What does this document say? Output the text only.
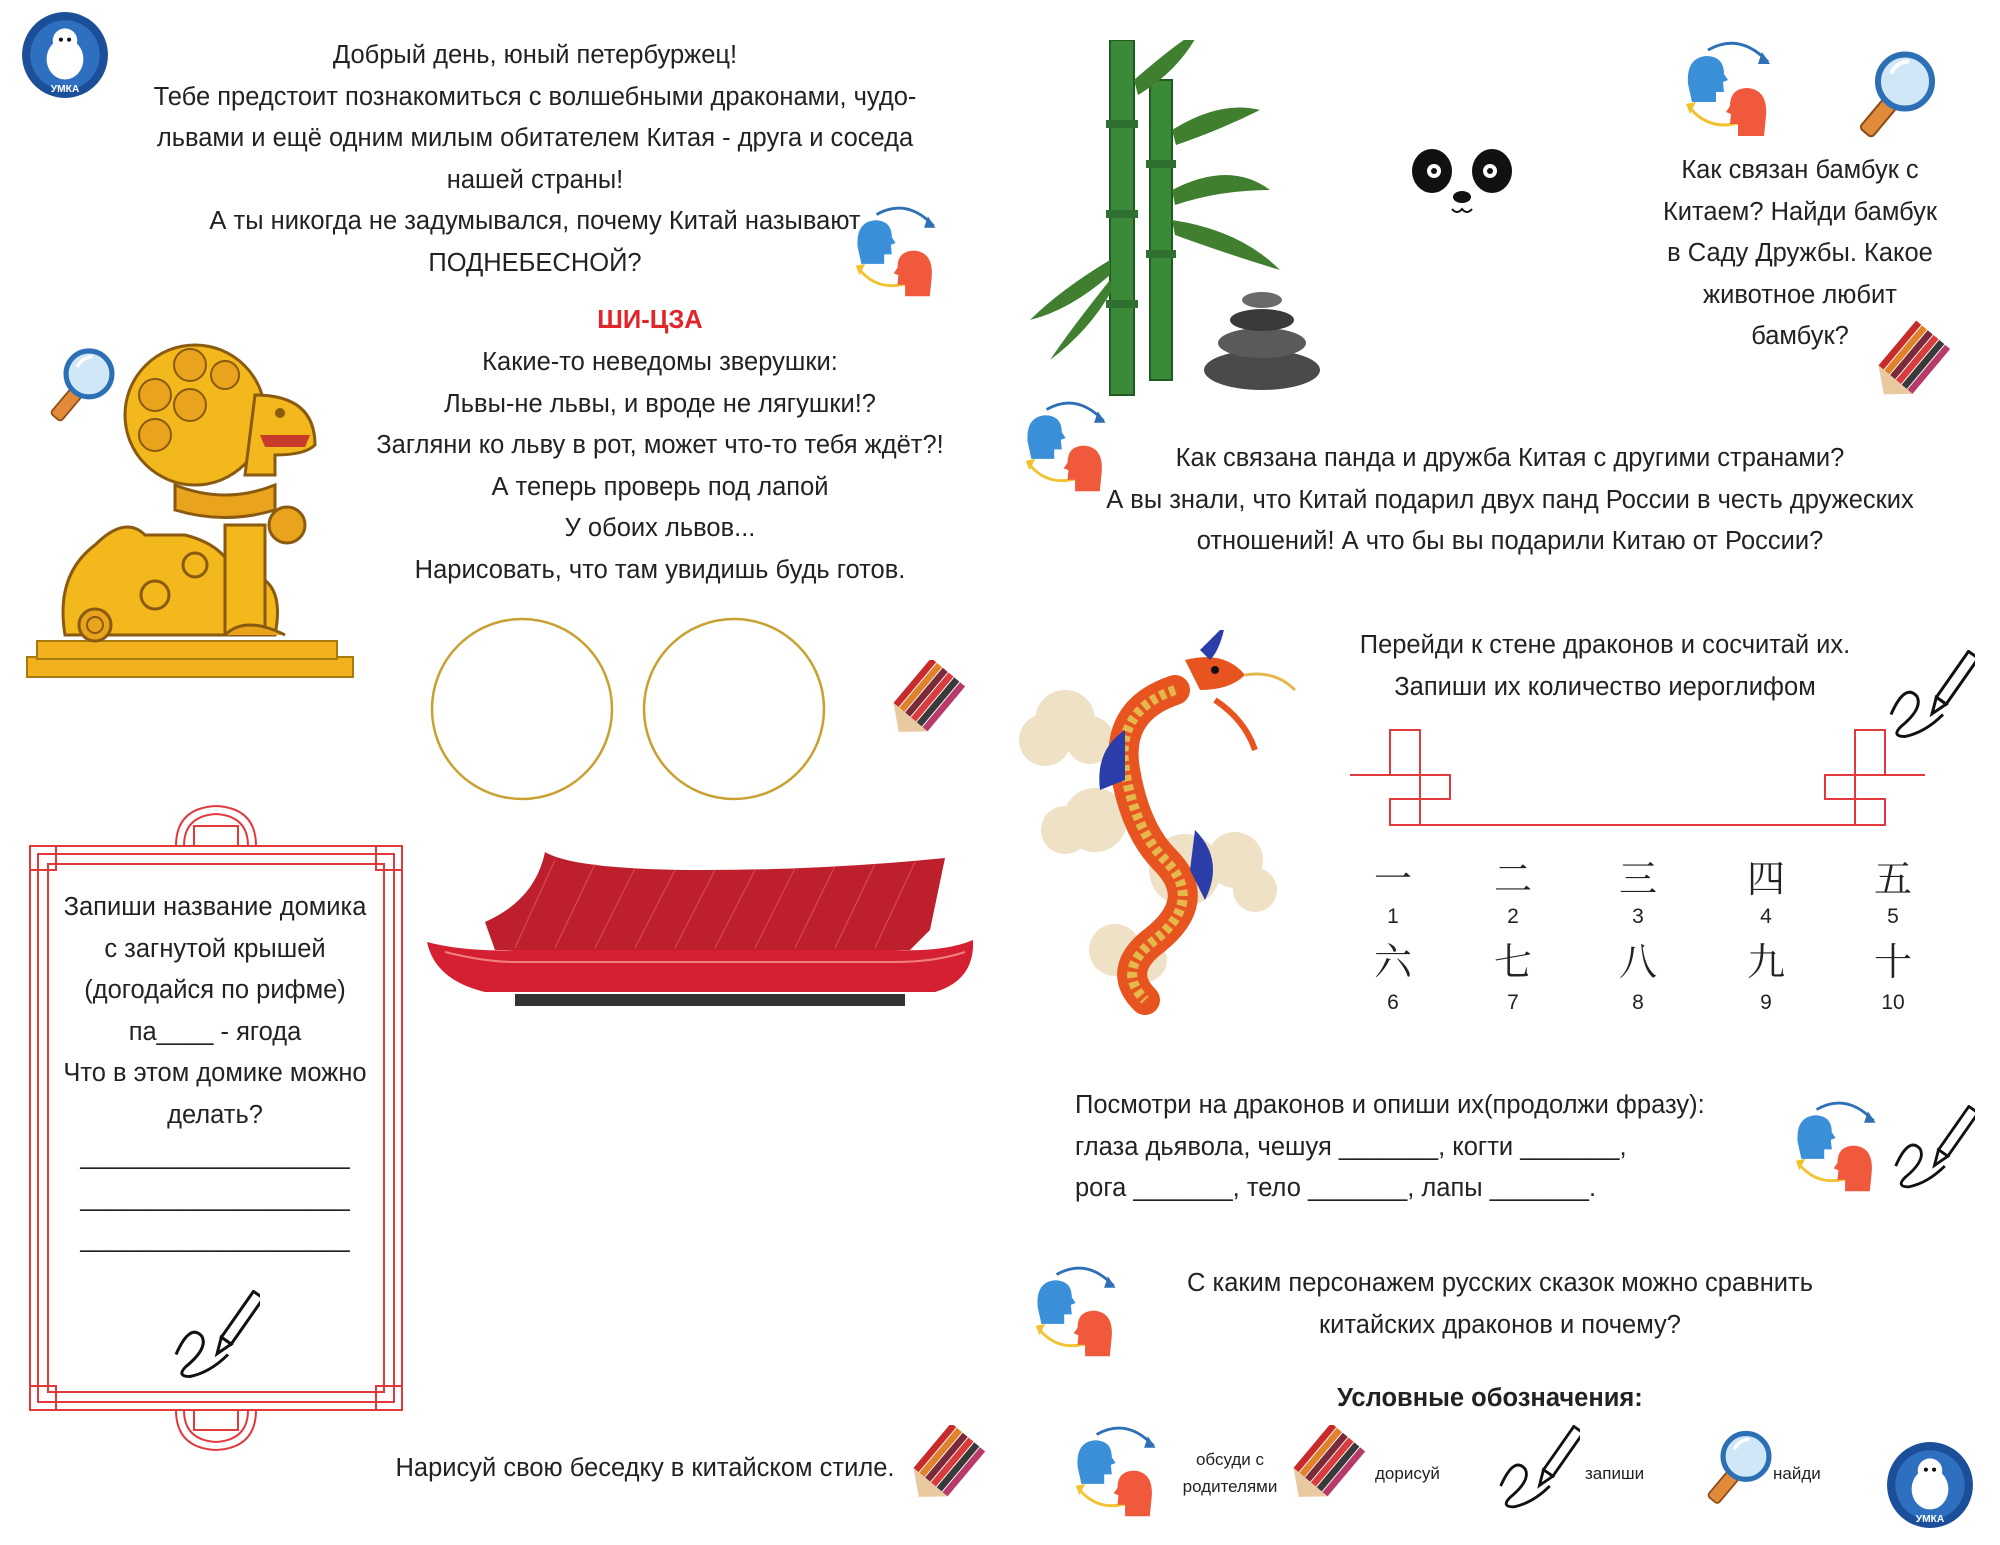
УМКА
УМКА

Добрый день, юный петербуржец!

Тебе предстоит познакомиться с волшебными драконами, чудо-

львами и ещё одним милым обитателем Китая - друга и соседа

нашей страны!

А ты никогда не задумывался, почему Китай называют

ПОДНЕБЕСНОЙ?

ШИ-ЦЗА

Какие-то неведомы зверушки:

Львы-не львы, и вроде не лягушки!?

Загляни ко льву в рот, может что-то тебя ждёт?!

А теперь проверь под лапой

У обоих львов...

Нарисовать, что там увидишь будь готов.

Запиши название домика

с загнутой крышей

(догодайся по рифме)

па____ - ягода

Что в этом домике можно

делать?

___________________

___________________

___________________

Нарисуй свою беседку в китайском стиле.

Как связан бамбук с

Китаем? Найди бамбук

в Саду Дружбы. Какое

животное любит

бамбук?

Как связана панда и дружба Китая с другими странами?

А вы знали, что Китай подарил двух панд России в честь дружеских

отношений! А что бы вы подарили Китаю от России?

Перейди к стене драконов и сосчитай их.

Запиши их количество иероглифом

一	二	三	四	五
1	2	3	4	5
六	七	八	九	十
6	7	8	9	10

Посмотри на драконов и опиши их(продолжи фразу):

глаза дьявола, чешуя _______, когти _______,

рога _______, тело _______, лапы _______.

С каким персонажем русских сказок можно сравнить

китайских драконов и почему?

Условные обозначения:

обсуди с

родителями

дорисуй	запиши	найди
